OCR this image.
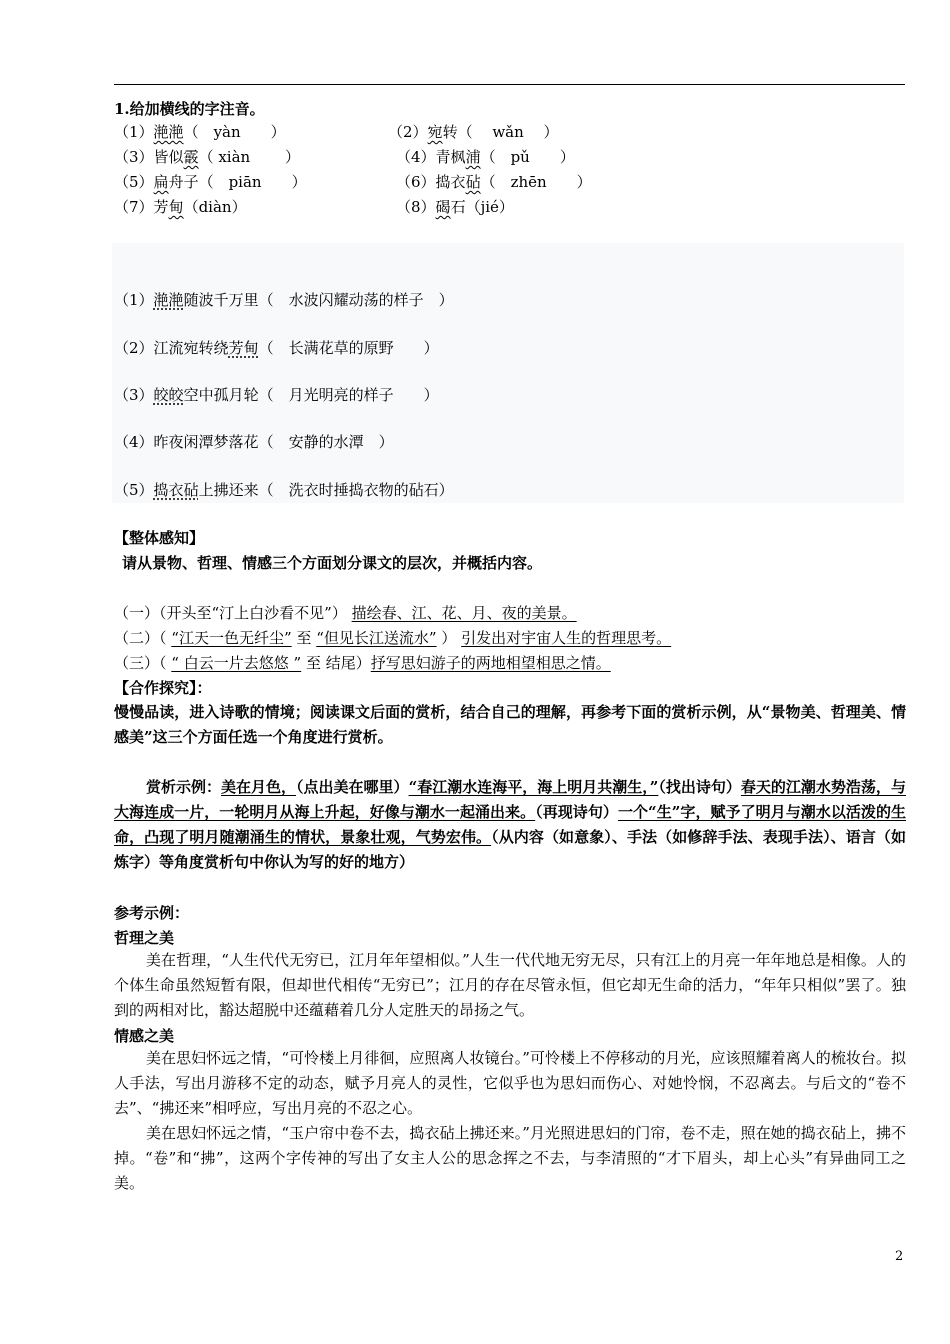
1.给加横线的字注音。
（1）滟滟（　yàn　　）	（2）宛转（　 wǎn　 ）
（3）皆似霰（ xiàn　　 ）	（4）青枫浦（　pǔ　　）
（5）扁舟子（　piān　　）	（6）捣衣砧（　zhēn　　）
（7）芳甸（diàn）	（8）碣石（jié）
（1）滟滟随波千万里（　水波闪耀动荡的样子　）
（2）江流宛转绕芳甸（　长满花草的原野　　）
（3）皎皎空中孤月轮（　月光明亮的样子　　）
（4）昨夜闲潭梦落花（　安静的水潭　）
（5）捣衣砧上拂还来（　洗衣时捶捣衣物的砧石）
【整体感知】
请从景物、哲理、情感三个方面划分课文的层次，并概括内容。
（一）（开头至“汀上白沙看不见”） 描绘春、江、花、月、夜的美景。
（二）（ “江天一色无纤尘” 至 “但见长江送流水” ） 引发出对宇宙人生的哲理思考。
（三）（ “ 白云一片去悠悠 ” 至 结尾）抒写思妇游子的两地相望相思之情。
【合作探究】：
慢慢品读，进入诗歌的情境；阅读课文后面的赏析，结合自己的理解，再参考下面的赏析示例，从“景物美、哲理美、情感美”这三个方面任选一个角度进行赏析。
赏析示例：美在月色，（点出美在哪里）“春江潮水连海平，海上明月共潮生，”（找出诗句）春天的江潮水势浩荡，与大海连成一片，一轮明月从海上升起，好像与潮水一起涌出来。（再现诗句）一个“生”字，赋予了明月与潮水以活泼的生命，凸现了明月随潮涌生的情状，景象壮观，气势宏伟。（从内容（如意象）、手法（如修辞手法、表现手法）、语言（如炼字）等角度赏析句中你认为写的好的地方）
参考示例：
哲理之美
美在哲理，“人生代代无穷已，江月年年望相似。”人生一代代地无穷无尽，只有江上的月亮一年年地总是相像。人的个体生命虽然短暂有限，但却世代相传“无穷已”；江月的存在尽管永恒，但它却无生命的活力，“年年只相似”罢了。独到的两相对比，豁达超脱中还蕴藉着几分人定胜天的昂扬之气。
情感之美
美在思妇怀远之情，“可怜楼上月徘徊，应照离人妆镜台。”可怜楼上不停移动的月光，应该照耀着离人的梳妆台。拟人手法，写出月游移不定的动态，赋予月亮人的灵性，它似乎也为思妇而伤心、对她怜悯，不忍离去。与后文的“卷不去”、“拂还来”相呼应，写出月亮的不忍之心。
美在思妇怀远之情，“玉户帘中卷不去，捣衣砧上拂还来。”月光照进思妇的门帘，卷不走，照在她的捣衣砧上，拂不掉。“卷”和“拂”，这两个字传神的写出了女主人公的思念挥之不去，与李清照的“才下眉头，却上心头”有异曲同工之美。
2
